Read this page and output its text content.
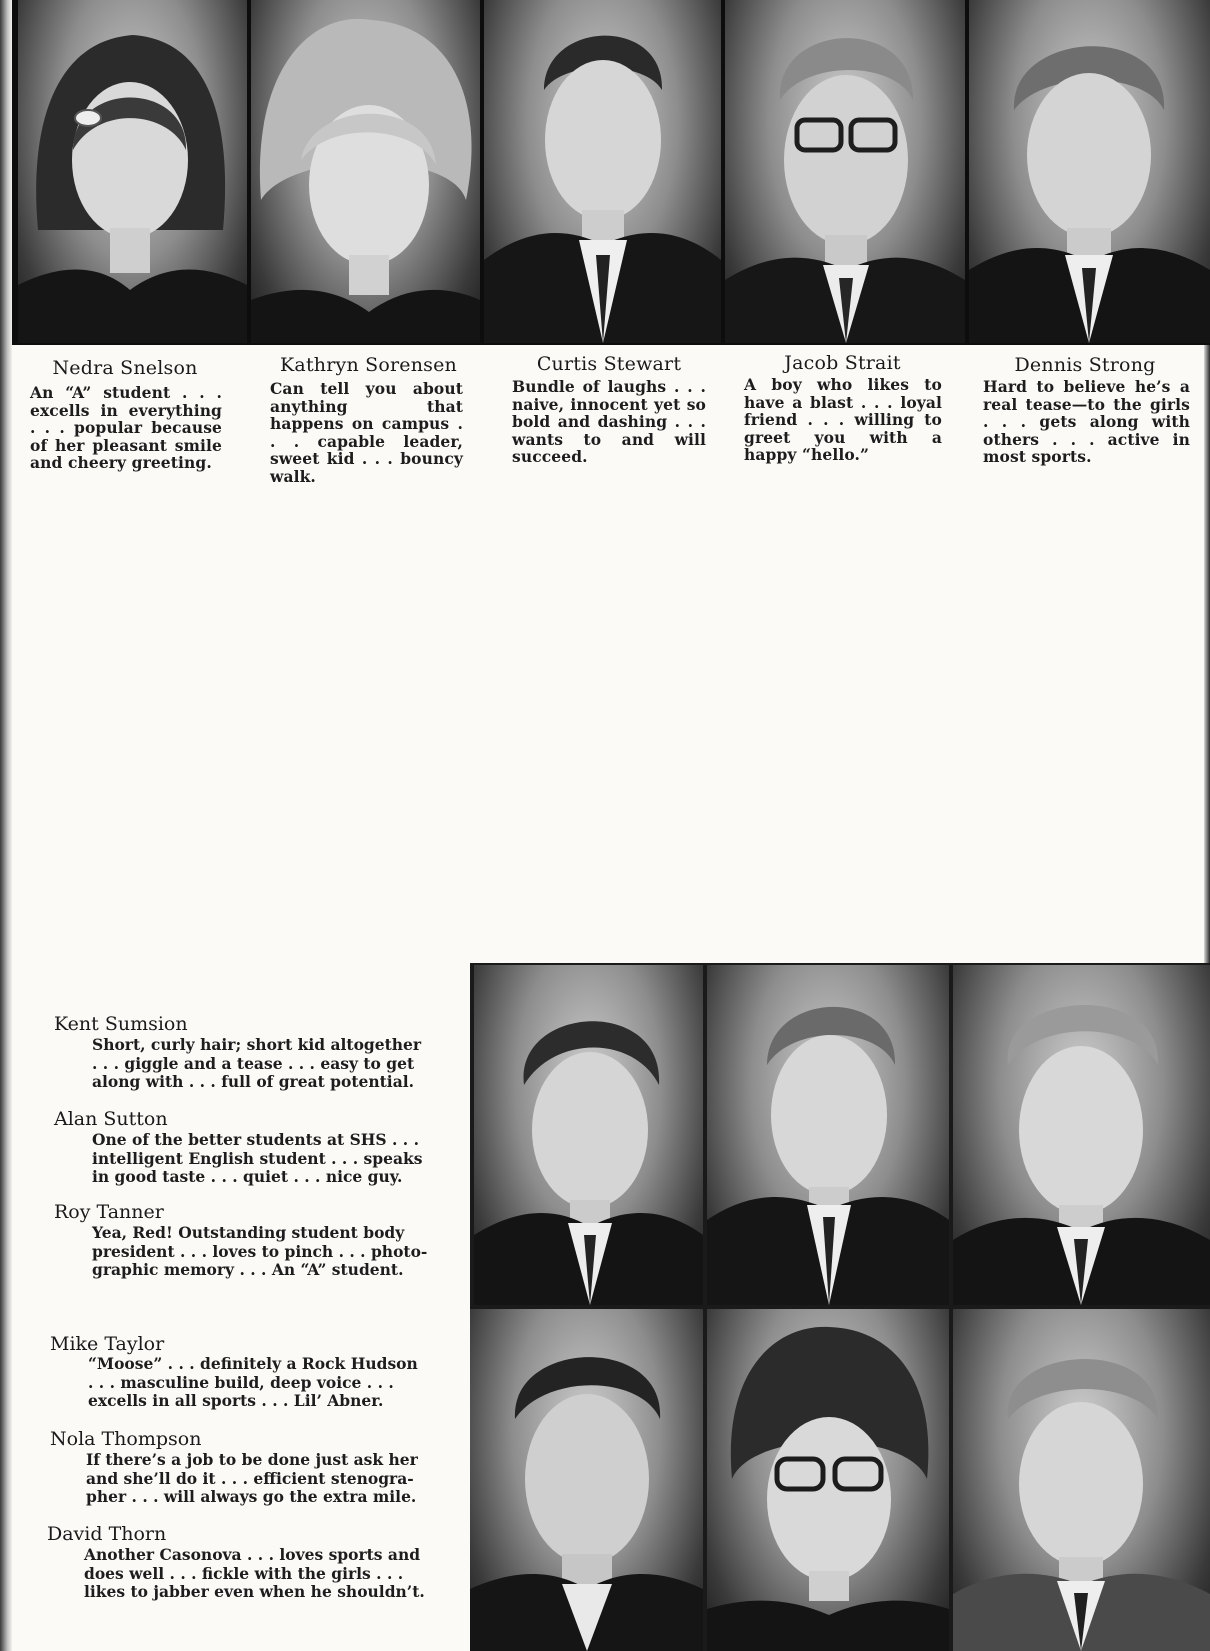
Nedra Snelson
An “A” student . . . excells in everything . . . popular because of her pleasant smile and cheery greeting.
Kathryn Sorensen
Can tell you about anything that happens on campus . . . capable leader, sweet kid . . . bouncy walk.
Curtis Stewart
Bundle of laughs . . . naive, innocent yet so bold and dashing . . . wants to and will succeed.
Jacob Strait
A boy who likes to have a blast . . . loyal friend . . . willing to greet you with a happy “hello.”
Dennis Strong
Hard to believe he’s a real tease—to the girls . . . gets along with others . . . active in most sports.
Kent Sumsion
Short, curly hair; short kid altogether
. . . giggle and a tease . . . easy to get
along with . . . full of great potential.
Alan Sutton
One of the better students at SHS . . .
intelligent English student . . . speaks
in good taste . . . quiet . . . nice guy.
Roy Tanner
Yea, Red! Outstanding student body
president . . . loves to pinch . . . photo-
graphic memory . . . An “A” student.
Mike Taylor
“Moose” . . . definitely a Rock Hudson
. . . masculine build, deep voice . . .
excells in all sports . . . Lil’ Abner.
Nola Thompson
If there’s a job to be done just ask her
and she’ll do it . . . efficient stenogra-
pher . . . will always go the extra mile.
David Thorn
Another Casonova . . . loves sports and
does well . . . fickle with the girls . . .
likes to jabber even when he shouldn’t.
